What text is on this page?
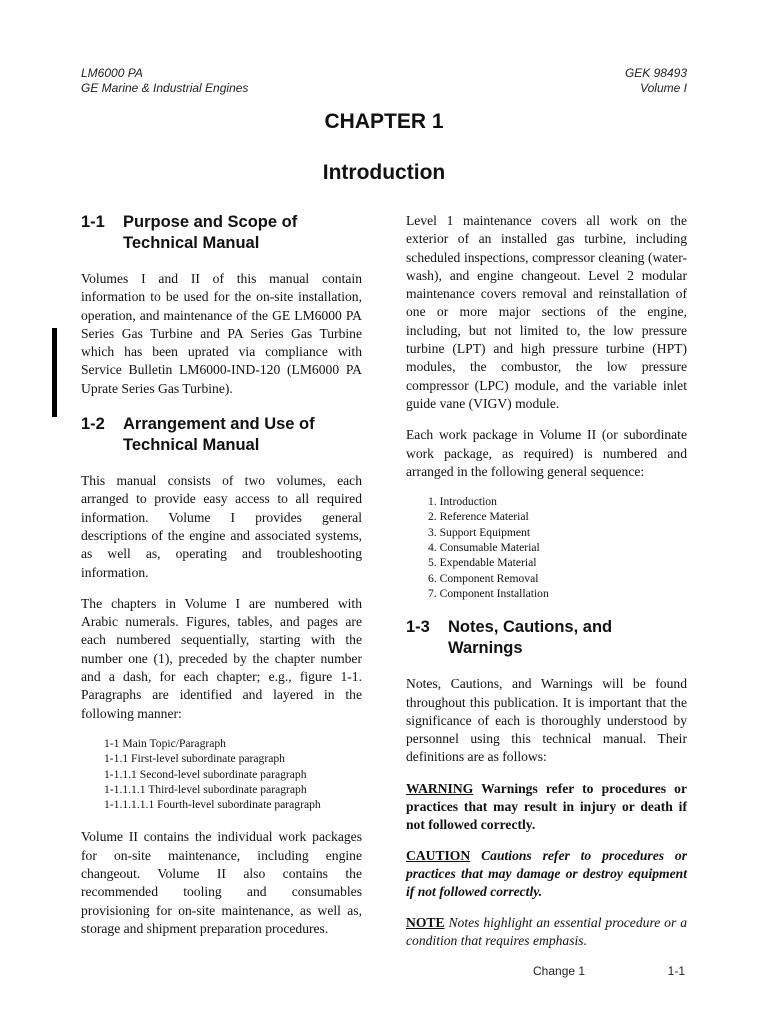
LM6000 PA
GE Marine & Industrial Engines
GEK 98493
Volume I
CHAPTER 1
Introduction
1-1	Purpose and Scope of Technical Manual

Volumes I and II of this manual contain information to be used for the on-site installation, operation, and maintenance of the GE LM6000 PA Series Gas Turbine and PA Series Gas Turbine which has been uprated via compliance with Service Bulletin LM6000-IND-120 (LM6000 PA Uprate Series Gas Turbine).

1-2	Arrangement and Use of Technical Manual

This manual consists of two volumes, each arranged to provide easy access to all required information. Volume I provides general descriptions of the engine and associated systems, as well as, operating and troubleshooting information.

The chapters in Volume I are numbered with Arabic numerals. Figures, tables, and pages are each numbered sequentially, starting with the number one (1), preceded by the chapter number and a dash, for each chapter; e.g., figure 1-1. Paragraphs are identified and layered in the following manner:

1-1 Main Topic/Paragraph
1-1.1 First-level subordinate paragraph
1-1.1.1 Second-level subordinate paragraph
1-1.1.1.1 Third-level subordinate paragraph
1-1.1.1.1.1 Fourth-level subordinate paragraph

Volume II contains the individual work packages for on-site maintenance, including engine changeout. Volume II also contains the recommended tooling and consumables provisioning for on-site maintenance, as well as, storage and shipment preparation procedures.

Level 1 maintenance covers all work on the exterior of an installed gas turbine, including scheduled inspections, compressor cleaning (water-wash), and engine changeout. Level 2 modular maintenance covers removal and reinstallation of one or more major sections of the engine, including, but not limited to, the low pressure turbine (LPT) and high pressure turbine (HPT) modules, the combustor, the low pressure compressor (LPC) module, and the variable inlet guide vane (VIGV) module.

Each work package in Volume II (or subordinate work package, as required) is numbered and arranged in the following general sequence:

1. Introduction
2. Reference Material
3. Support Equipment
4. Consumable Material
5. Expendable Material
6. Component Removal
7. Component Installation
1-3	Notes, Cautions, and Warnings

Notes, Cautions, and Warnings will be found throughout this publication. It is important that the significance of each is thoroughly understood by personnel using this technical manual. Their definitions are as follows:

WARNING Warnings refer to procedures or practices that may result in injury or death if not followed correctly.

CAUTION Cautions refer to procedures or practices that may damage or destroy equipment if not followed correctly.

NOTE Notes highlight an essential procedure or a condition that requires emphasis.

Change 1	1-1
